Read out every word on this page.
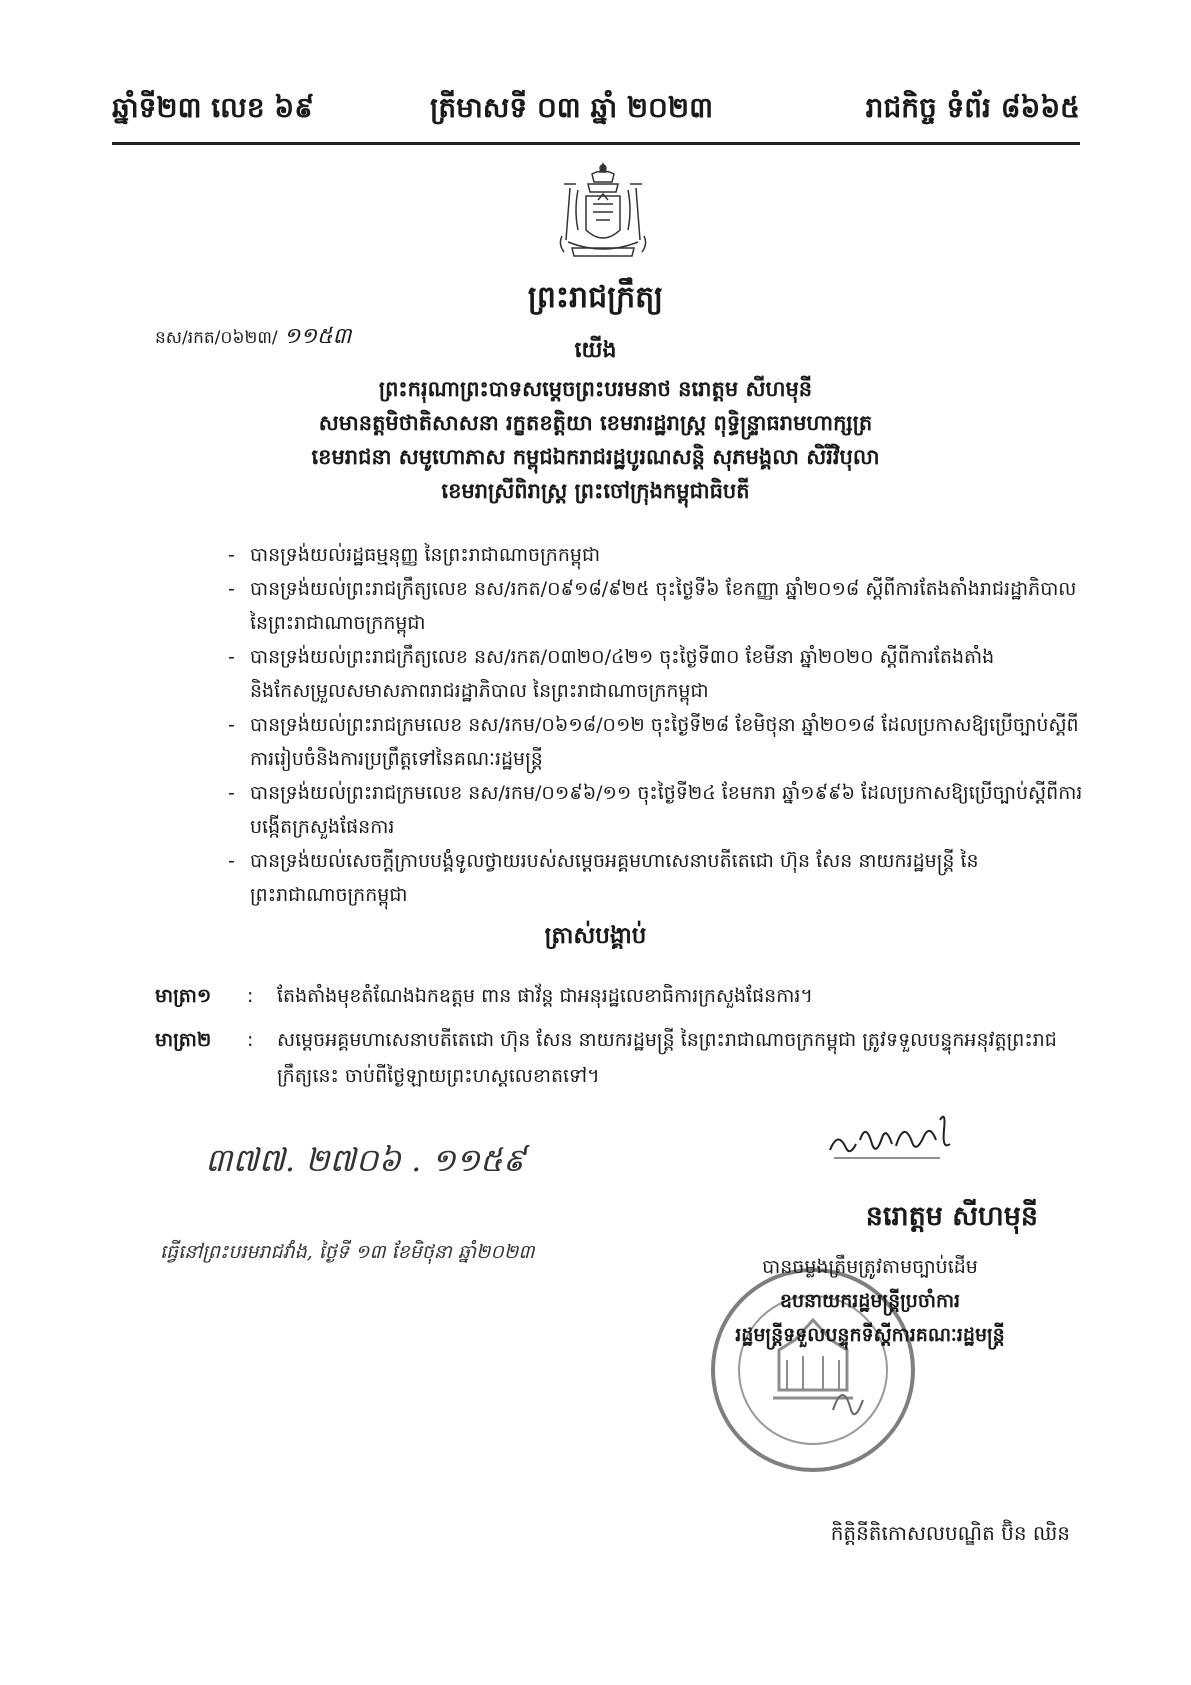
ឆ្នាំទី២៣ លេខ ៦៩	ត្រីមាសទី ០៣ ឆ្នាំ ២០២៣	រាជកិច្ច ទំព័រ ៨៦៦៥
ព្រះរាជក្រឹត្យ
នស/រកត/០៦២៣/ ១១៥៣
យើង
ព្រះករុណាព្រះបាទសម្តេចព្រះបរមនាថ នរោត្តម សីហមុនី
សមានត្តមិថាតិសាសនា រក្ខតខត្តិយា ខេមរារដ្ឋរាស្ត្រ ពុទ្ធិន្ទ្រាធរាមហាក្សត្រ
ខេមរាជនា សមូហោភាស កម្ពុជឯករាជរដ្ឋបូរណសន្តិ សុភមង្គលា សិរីវិបុលា
ខេមរាស្រីពិរាស្ត្រ ព្រះចៅក្រុងកម្ពុជាធិបតី
- បានទ្រង់យល់រដ្ឋធម្មនុញ្ញ នៃព្រះរាជាណាចក្រកម្ពុជា
- បានទ្រង់យល់ព្រះរាជក្រឹត្យលេខ នស/រកត/០៩១៨/៩២៥ ចុះថ្ងៃទី៦ ខែកញ្ញា ឆ្នាំ២០១៨ ស្តីពីការតែងតាំងរាជរដ្ឋាភិបាល នៃព្រះរាជាណាចក្រកម្ពុជា
- បានទ្រង់យល់ព្រះរាជក្រឹត្យលេខ នស/រកត/០៣២០/៤២១ ចុះថ្ងៃទី៣០ ខែមីនា ឆ្នាំ២០២០ ស្តីពីការតែងតាំងនិងកែសម្រួលសមាសភាពរាជរដ្ឋាភិបាល នៃព្រះរាជាណាចក្រកម្ពុជា
- បានទ្រង់យល់ព្រះរាជក្រមលេខ នស/រកម/០៦១៨/០១២ ចុះថ្ងៃទី២៨ ខែមិថុនា ឆ្នាំ២០១៨ ដែលប្រកាសឱ្យប្រើច្បាប់ស្តីពីការរៀបចំនិងការប្រព្រឹត្តទៅនៃគណៈរដ្ឋមន្ត្រី
- បានទ្រង់យល់ព្រះរាជក្រមលេខ នស/រកម/០១៩៦/១១ ចុះថ្ងៃទី២៤ ខែមករា ឆ្នាំ១៩៩៦ ដែលប្រកាសឱ្យប្រើច្បាប់ស្តីពីការបង្កើតក្រសួងផែនការ
- បានទ្រង់យល់សេចក្តីក្រាបបង្គំទូលថ្វាយរបស់សម្តេចអគ្គមហាសេនាបតីតេជោ ហ៊ុន សែន នាយករដ្ឋមន្ត្រី នៃព្រះរាជាណាចក្រកម្ពុជា
ត្រាស់បង្គាប់
មាត្រា១	: តែងតាំងមុខតំណែងឯកឧត្តម ពាន ផាវ័ន្ត ជាអនុរដ្ឋលេខាធិការក្រសួងផែនការ។
មាត្រា២	: សម្តេចអគ្គមហាសេនាបតីតេជោ ហ៊ុន សែន នាយករដ្ឋមន្ត្រី នៃព្រះរាជាណាចក្រកម្ពុជា ត្រូវទទួលបន្ទុកអនុវត្តព្រះរាជក្រឹត្យនេះ ចាប់ពីថ្ងៃឡាយព្រះហស្តលេខាតទៅ។
៣៧៧. ២៧០៦ . ១១៥៩
នរោត្តម សីហមុនី
ធ្វើនៅព្រះបរមរាជវាំង, ថ្ងៃទី ១៣ ខែមិថុនា ឆ្នាំ២០២៣
បានចម្លងត្រឹមត្រូវតាមច្បាប់ដើម
ឧបនាយករដ្ឋមន្ត្រីប្រចាំការ
រដ្ឋមន្ត្រីទទួលបន្ទុកទីស្តីការគណៈរដ្ឋមន្ត្រី
កិត្តិនីតិកោសលបណ្ឌិត ប៊ិន ឈិន
